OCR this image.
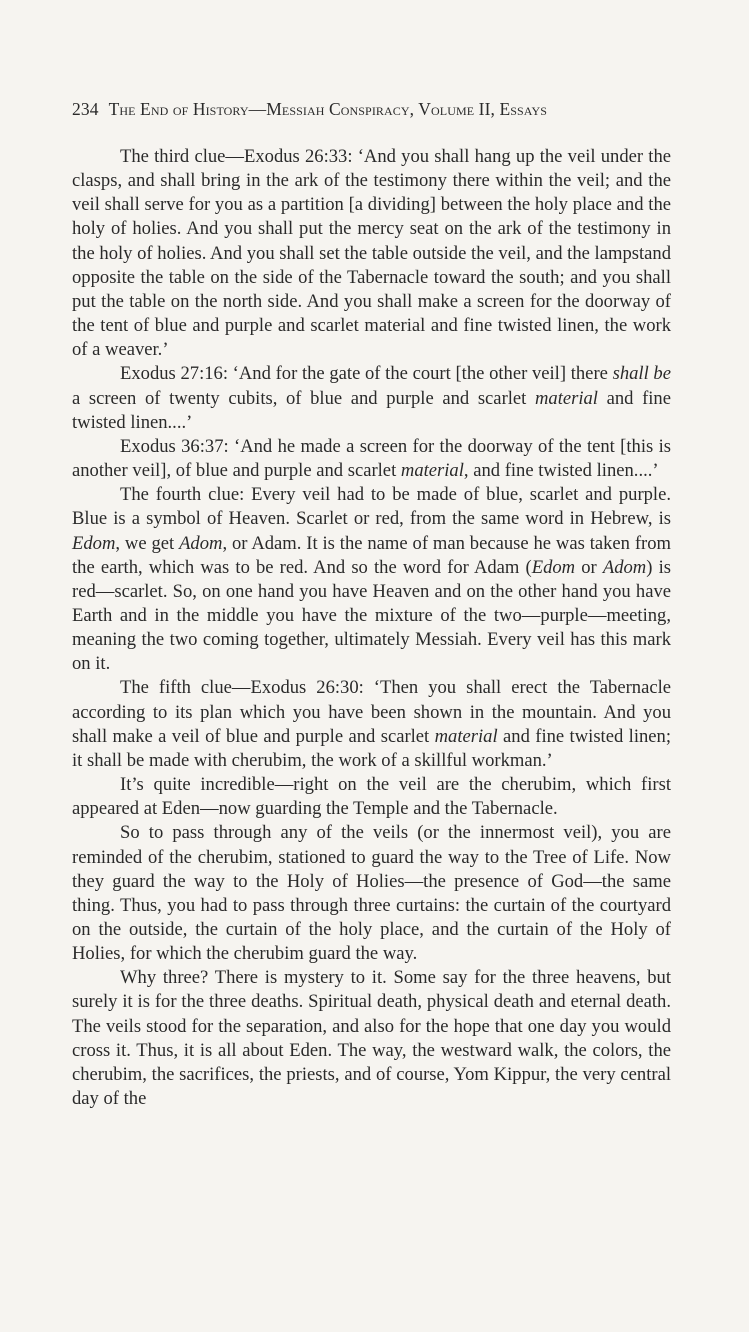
234 The End of History—Messiah Conspiracy, Volume II, Essays

The third clue—Exodus 26:33: ‘And you shall hang up the veil under the clasps, and shall bring in the ark of the testimony there within the veil; and the veil shall serve for you as a partition [a dividing] between the holy place and the holy of holies. And you shall put the mercy seat on the ark of the testimony in the holy of holies. And you shall set the table outside the veil, and the lampstand opposite the table on the side of the Tabernacle toward the south; and you shall put the table on the north side. And you shall make a screen for the doorway of the tent of blue and purple and scarlet material and fine twisted linen, the work of a weaver.’

Exodus 27:16: ‘And for the gate of the court [the other veil] there shall be a screen of twenty cubits, of blue and purple and scarlet material and fine twisted linen....’

Exodus 36:37: ‘And he made a screen for the doorway of the tent [this is another veil], of blue and purple and scarlet material, and fine twisted linen....’

The fourth clue: Every veil had to be made of blue, scarlet and purple. Blue is a symbol of Heaven. Scarlet or red, from the same word in Hebrew, is Edom, we get Adom, or Adam. It is the name of man because he was taken from the earth, which was to be red. And so the word for Adam (Edom or Adom) is red—scarlet. So, on one hand you have Heaven and on the other hand you have Earth and in the middle you have the mixture of the two—purple—meeting, meaning the two coming together, ultimately Messiah. Every veil has this mark on it.

The fifth clue—Exodus 26:30: ‘Then you shall erect the Tabernacle according to its plan which you have been shown in the mountain. And you shall make a veil of blue and purple and scarlet material and fine twisted linen; it shall be made with cherubim, the work of a skillful workman.’

It’s quite incredible—right on the veil are the cherubim, which first appeared at Eden—now guarding the Temple and the Tabernacle.

So to pass through any of the veils (or the innermost veil), you are reminded of the cherubim, stationed to guard the way to the Tree of Life. Now they guard the way to the Holy of Holies—the presence of God—the same thing. Thus, you had to pass through three curtains: the curtain of the courtyard on the outside, the curtain of the holy place, and the curtain of the Holy of Holies, for which the cherubim guard the way.

Why three? There is mystery to it. Some say for the three heavens, but surely it is for the three deaths. Spiritual death, physical death and eternal death. The veils stood for the separation, and also for the hope that one day you would cross it. Thus, it is all about Eden. The way, the westward walk, the colors, the cherubim, the sacrifices, the priests, and of course, Yom Kippur, the very central day of the
